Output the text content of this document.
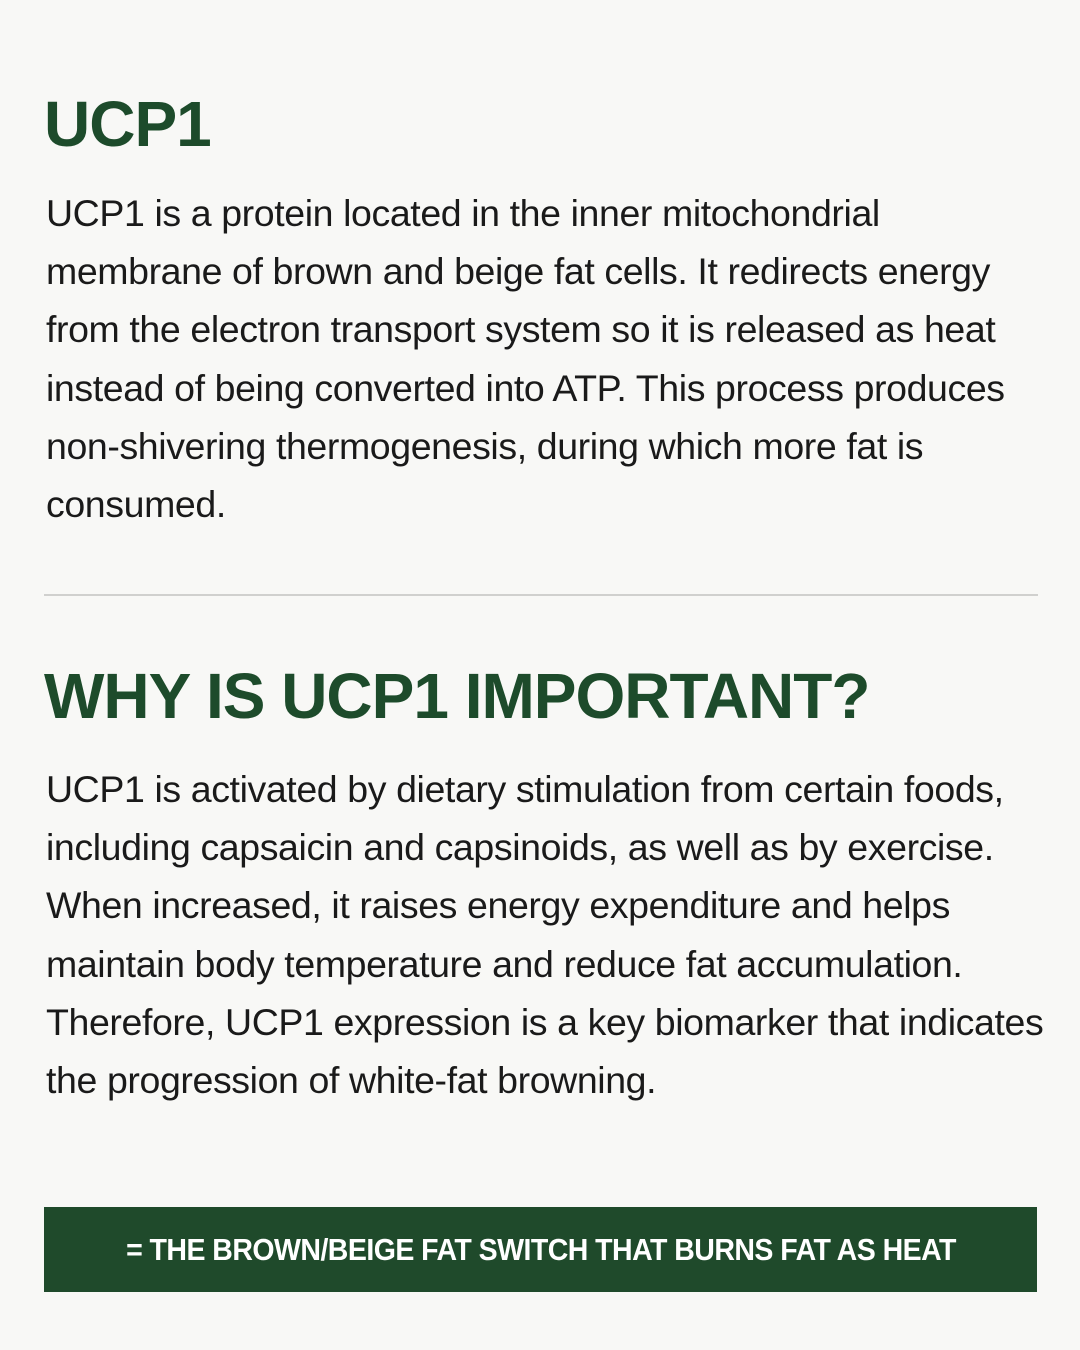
UCP1

UCP1 is a protein located in the inner mitochondrial membrane of brown and beige fat cells. It redirects energy from the electron transport system so it is released as heat instead of being converted into ATP. This process produces non-shivering thermogenesis, during which more fat is consumed.

WHY IS UCP1 IMPORTANT?

UCP1 is activated by dietary stimulation from certain foods, including capsaicin and capsinoids, as well as by exercise. When increased, it raises energy expenditure and helps maintain body temperature and reduce fat accumulation. Therefore, UCP1 expression is a key biomarker that indicates the progression of white-fat browning.

= THE BROWN/BEIGE FAT SWITCH THAT BURNS FAT AS HEAT
